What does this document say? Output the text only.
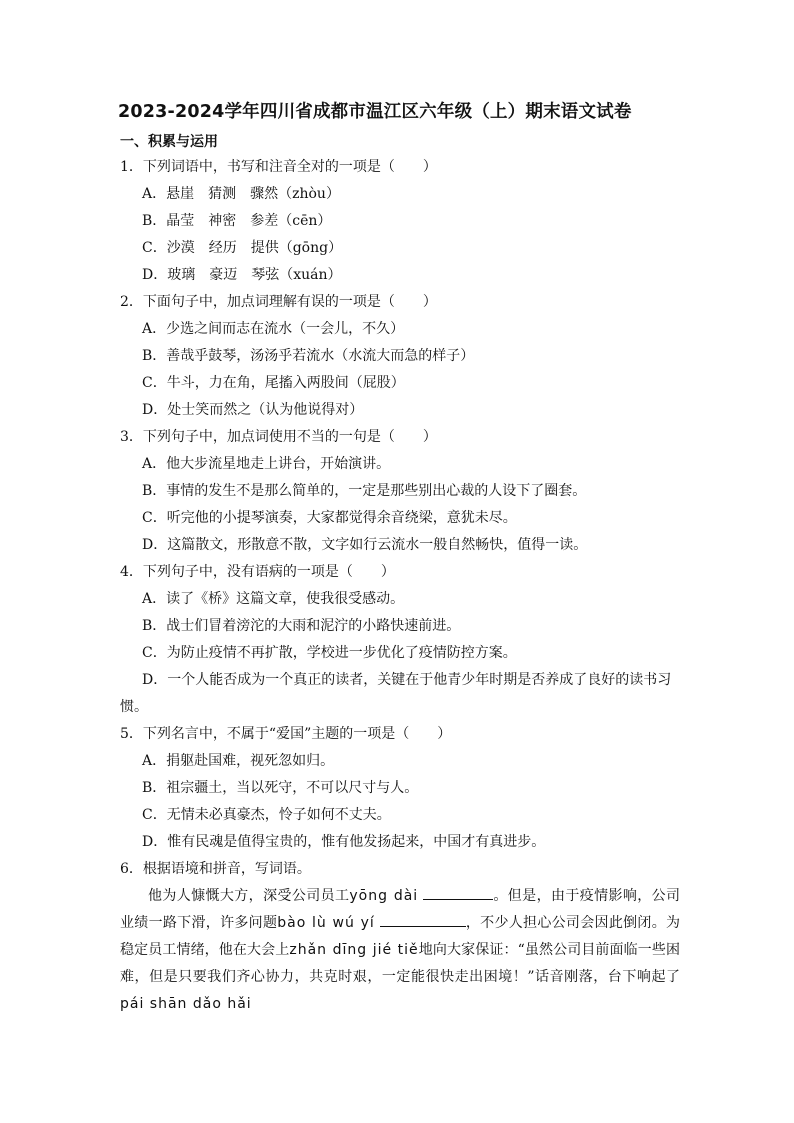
2023-2024学年四川省成都市温江区六年级（上）期末语文试卷
一、积累与运用
1．下列词语中，书写和注音全对的一项是（　　）
A．悬崖　猜测　骤然（zhòu）
B．晶莹　神密　参差（cēn）
C．沙漠　经历　提供（gōng）
D．玻璃　豪迈　琴弦（xuán）
2．下面句子中，加点词理解有误的一项是（　　）
A．少选之间而志在流水（一会儿，不久）
B．善哉乎鼓琴，汤汤乎若流水（水流大而急的样子）
C．牛斗，力在角，尾搐入两股间（屁股）
D．处士笑而然之（认为他说得对）
3．下列句子中，加点词使用不当的一句是（　　）
A．他大步流星地走上讲台，开始演讲。
B．事情的发生不是那么简单的，一定是那些别出心裁的人设下了圈套。
C．听完他的小提琴演奏，大家都觉得余音绕梁，意犹未尽。
D．这篇散文，形散意不散，文字如行云流水一般自然畅快，值得一读。
4．下列句子中，没有语病的一项是（　　）
A．读了《桥》这篇文章，使我很受感动。
B．战士们冒着滂沱的大雨和泥泞的小路快速前进。
C．为防止疫情不再扩散，学校进一步优化了疫情防控方案。
D．一个人能否成为一个真正的读者，关键在于他青少年时期是否养成了良好的读书习惯。
5．下列名言中，不属于“爱国”主题的一项是（　　）
A．捐躯赴国难，视死忽如归。
B．祖宗疆土，当以死守，不可以尺寸与人。
C．无情未必真豪杰，怜子如何不丈夫。
D．惟有民魂是值得宝贵的，惟有他发扬起来，中国才有真进步。
6．根据语境和拼音，写词语。
他为人慷慨大方，深受公司员工yōng dài	。但是，由于疫情影响，公司业绩一路下滑，许多问题bào lù wú yí	，不少人担心公司会因此倒闭。为稳定员工情绪，他在大会上zhǎn dīng jié tiě地向大家保证：“虽然公司目前面临一些困难，但是只要我们齐心协力，共克时艰，一定能很快走出困境！”话音刚落，台下响起了pái shān dǎo hǎi
